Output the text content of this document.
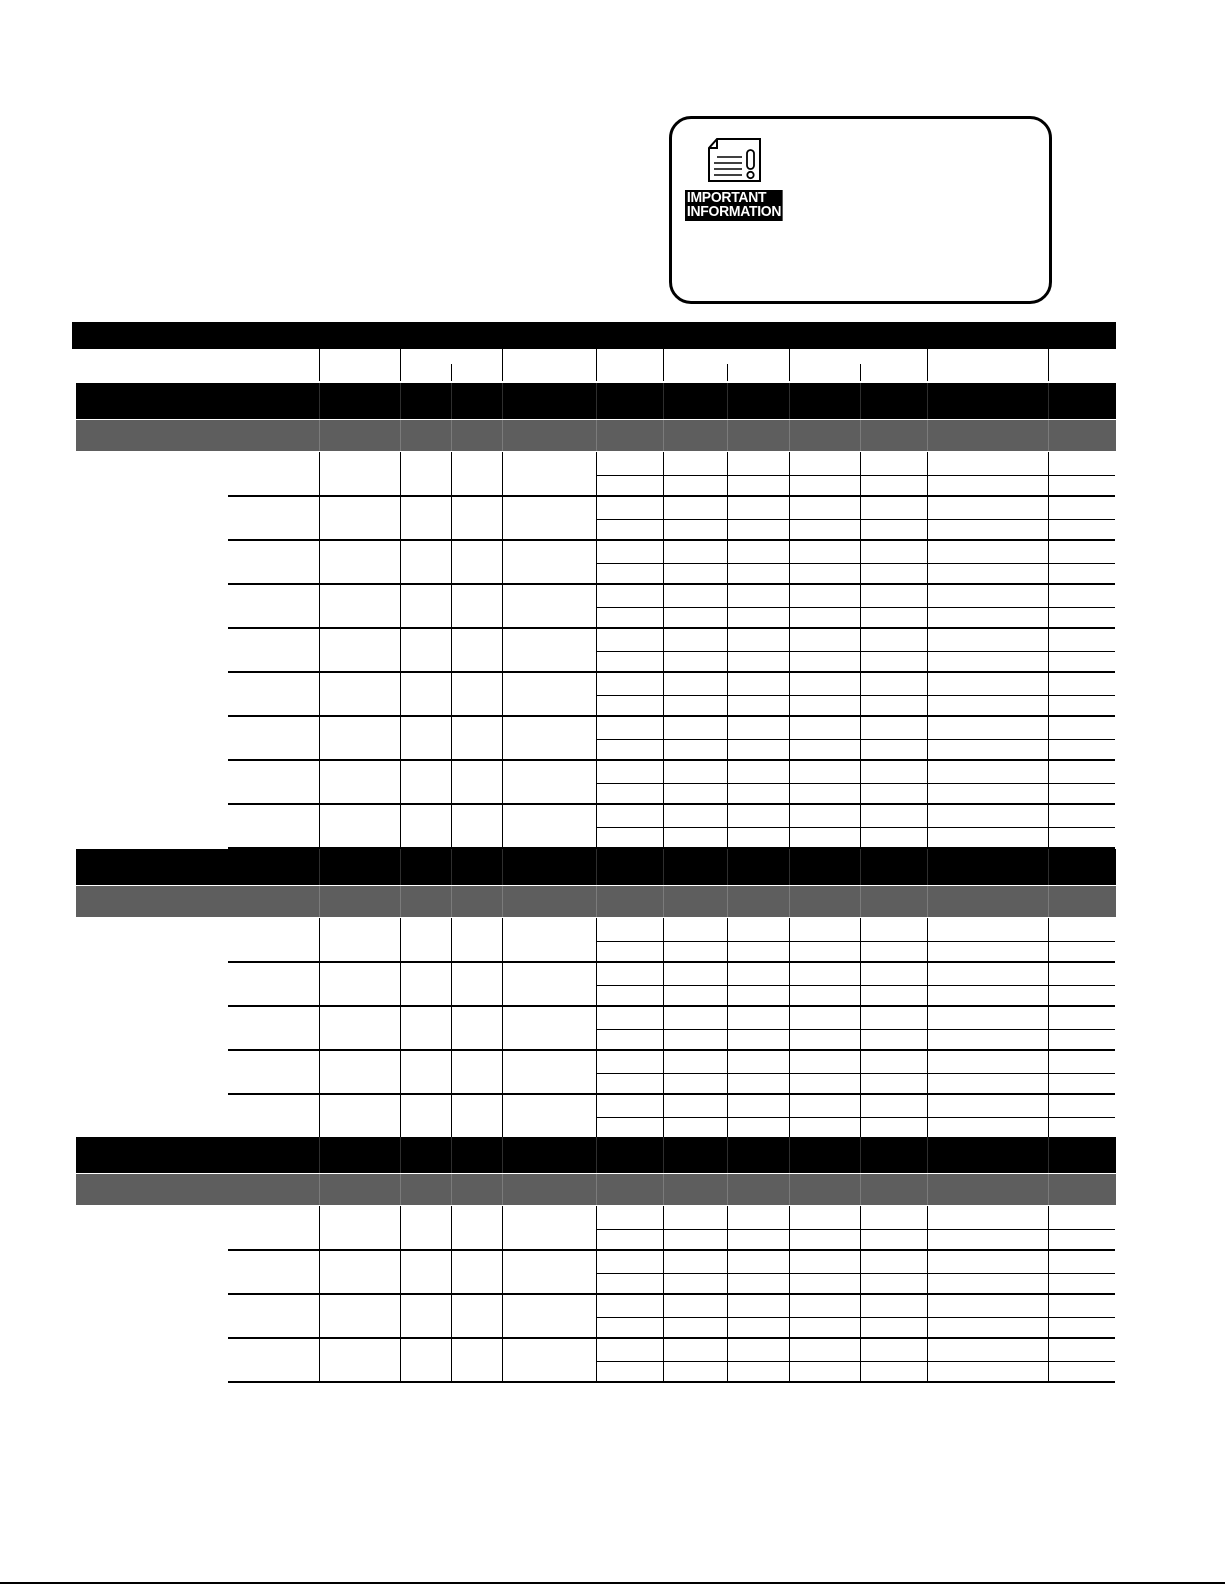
IMPORTANT
INFORMATION
